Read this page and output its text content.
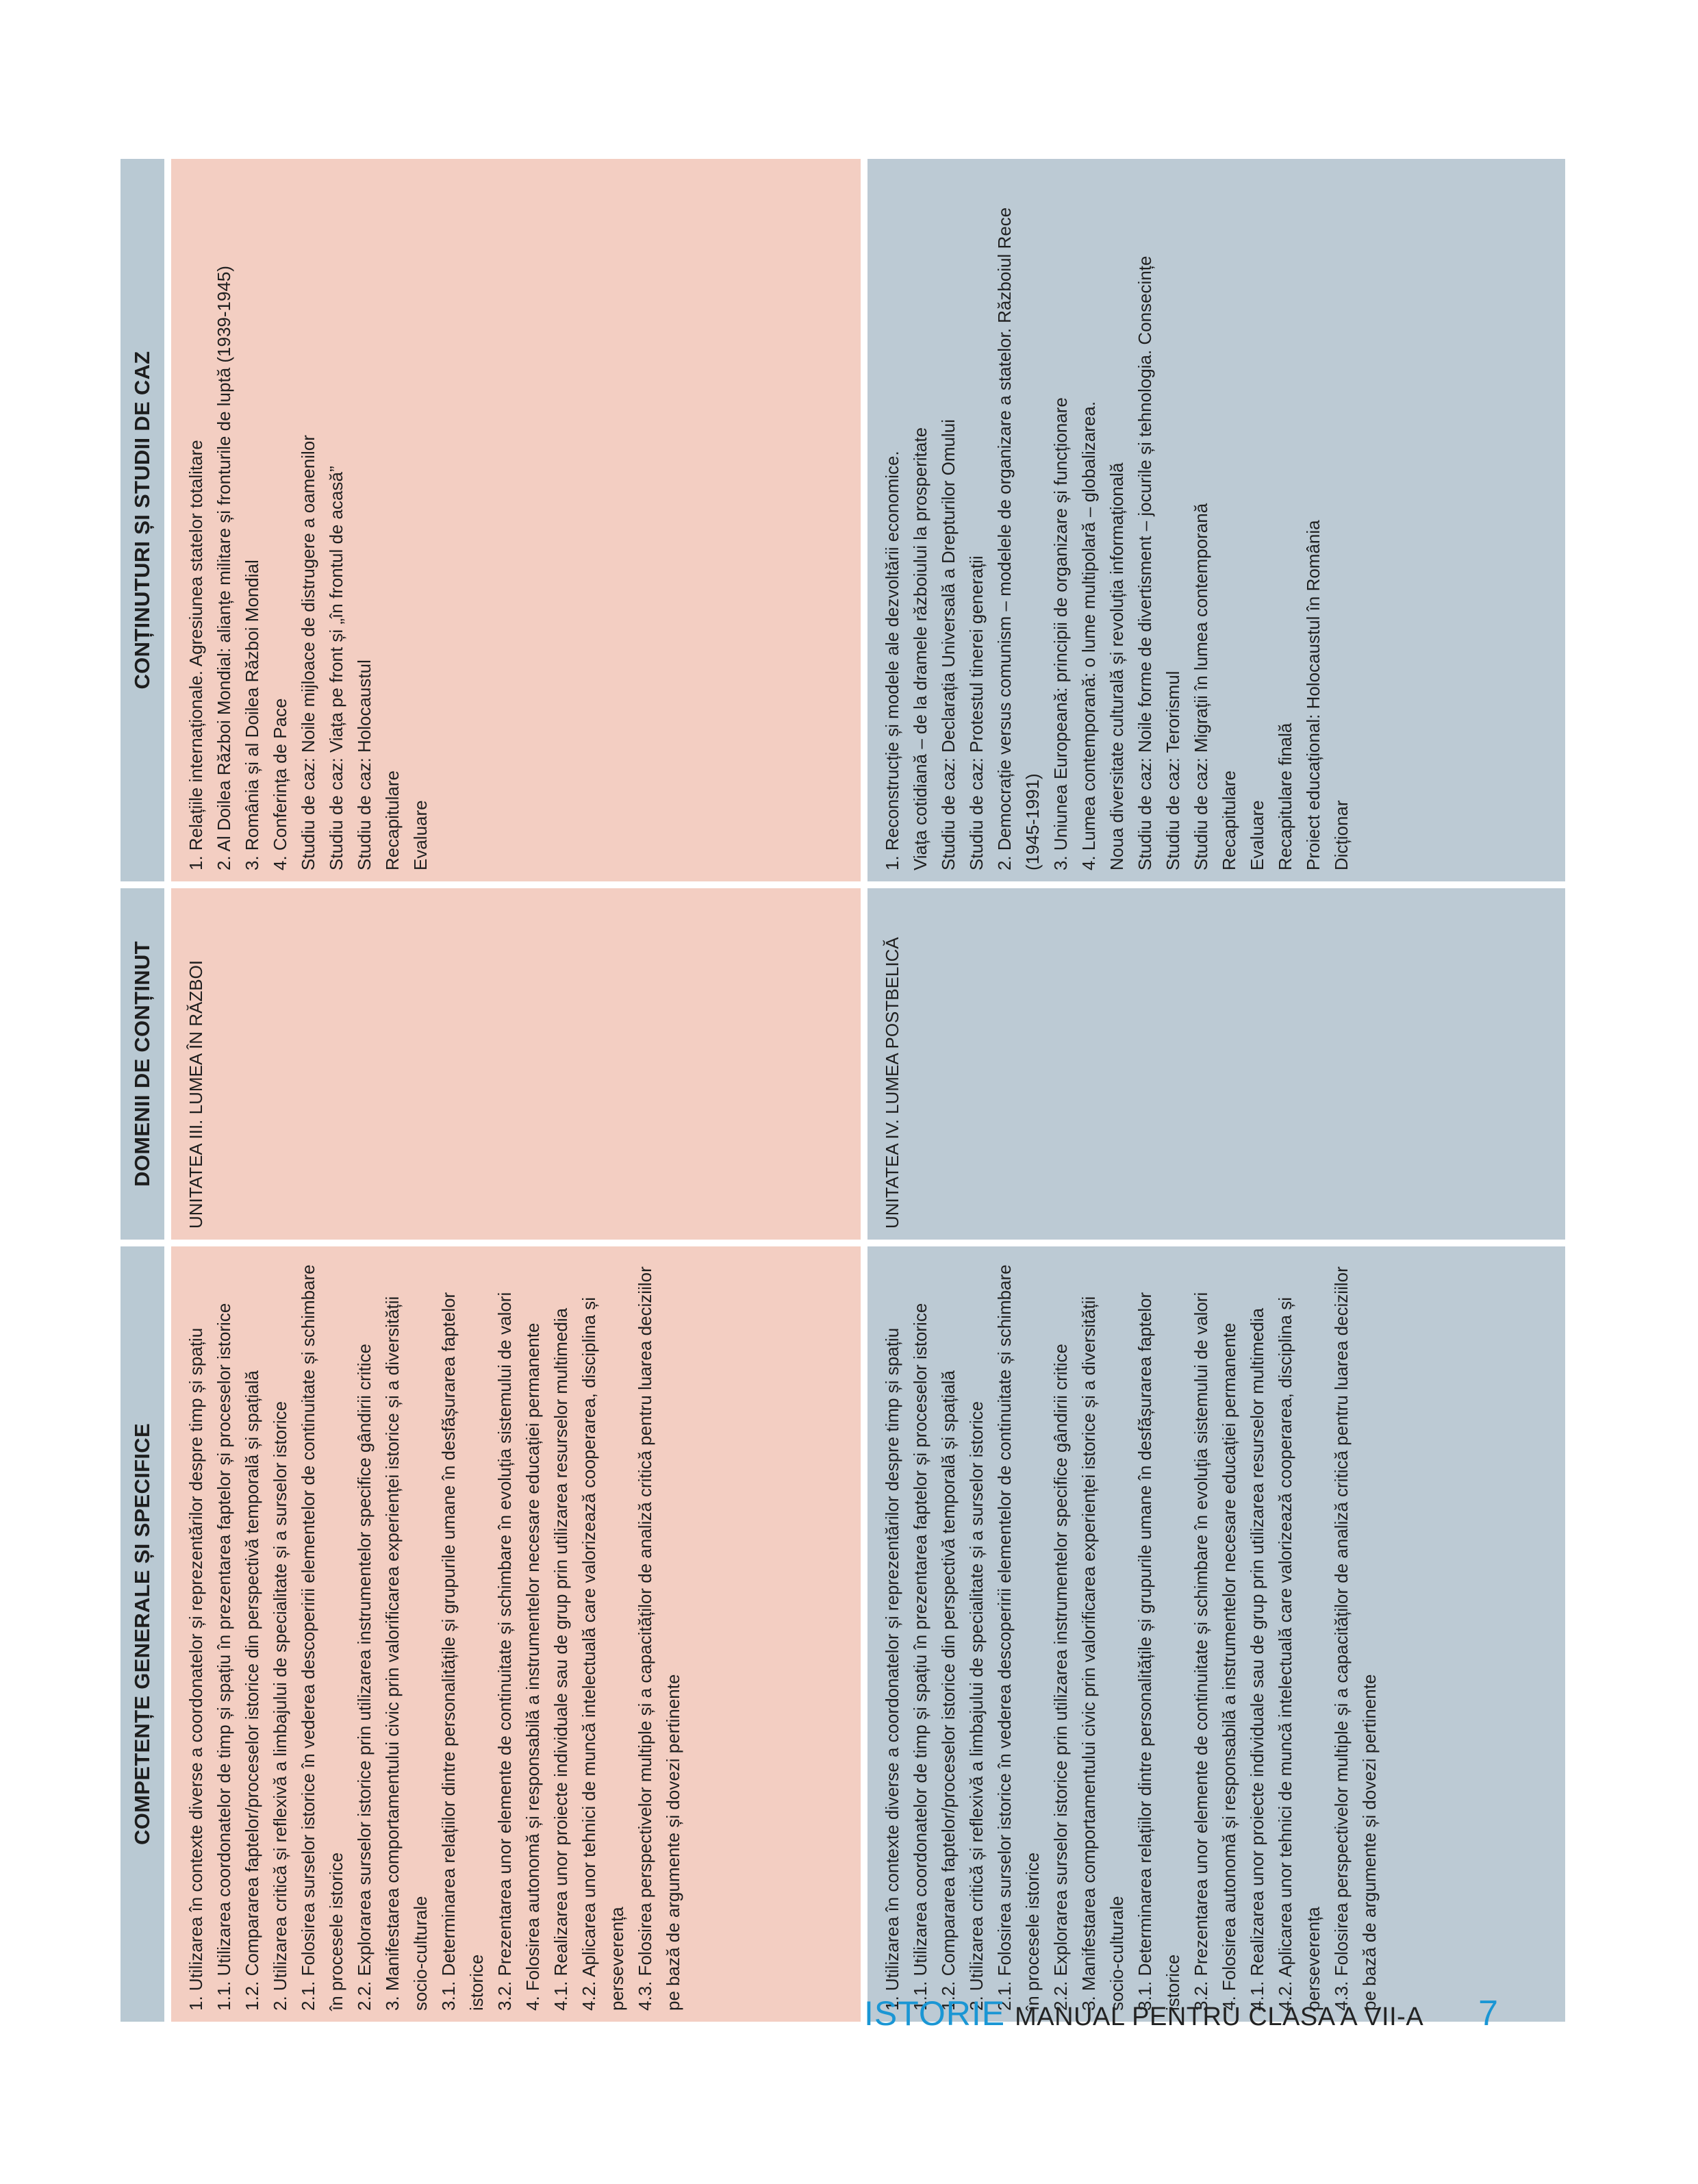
COMPETENȚE GENERALE ȘI SPECIFICE
DOMENII DE CONȚINUT
CONȚINUTURI ȘI STUDII DE CAZ
1. Utilizarea în contexte diverse a coordonatelor și reprezentărilor despre timp și spațiu 1.1. Utilizarea coordonatelor de timp și spațiu în prezentarea faptelor și proceselor istorice 1.2. Compararea faptelor/proceselor istorice din perspectivă temporală și spațială 2. Utilizarea critică și reflexivă a limbajului de specialitate și a surselor istorice 2.1. Folosirea surselor istorice în vederea descoperirii elementelor de continuitate și schimbare în procesele istorice 2.2. Explorarea surselor istorice prin utilizarea instrumentelor specifice gândirii critice 3. Manifestarea comportamentului civic prin valorificarea experienței istorice și a diversității socio-culturale 3.1. Determinarea relațiilor dintre personalitățile și grupurile umane în desfășurarea faptelor istorice 3.2. Prezentarea unor elemente de continuitate și schimbare în evoluția sistemului de valori 4. Folosirea autonomă și responsabilă a instrumentelor necesare educației permanente 4.1. Realizarea unor proiecte individuale sau de grup prin utilizarea resurselor multimedia 4.2. Aplicarea unor tehnici de muncă intelectuală care valorizează cooperarea, disciplina și perseverența 4.3. Folosirea perspectivelor multiple și a capacităților de analiză critică pentru luarea deciziilor pe bază de argumente și dovezi pertinente
UNITATEA III. LUMEA ÎN RĂZBOI
1. Relațiile internaționale. Agresiunea statelor totalitare 2. Al Doilea Război Mondial: alianțe militare și fronturile de luptă (1939-1945) 3. România și al Doilea Război Mondial 4. Conferința de Pace Studiu de caz: Noile mijloace de distrugere a oamenilor Studiu de caz: Viața pe front și „în frontul de acasă” Studiu de caz: Holocaustul Recapitulare Evaluare
1. Utilizarea în contexte diverse a coordonatelor și reprezentărilor despre timp și spațiu 1.1. Utilizarea coordonatelor de timp și spațiu în prezentarea faptelor și proceselor istorice 1.2. Compararea faptelor/proceselor istorice din perspectivă temporală și spațială 2. Utilizarea critică și reflexivă a limbajului de specialitate și a surselor istorice 2.1. Folosirea surselor istorice în vederea descoperirii elementelor de continuitate și schimbare în procesele istorice 2.2. Explorarea surselor istorice prin utilizarea instrumentelor specifice gândirii critice 3. Manifestarea comportamentului civic prin valorificarea experienței istorice și a diversității socio-culturale 3.1. Determinarea relațiilor dintre personalitățile și grupurile umane în desfășurarea faptelor istorice 3.2. Prezentarea unor elemente de continuitate și schimbare în evoluția sistemului de valori 4. Folosirea autonomă și responsabilă a instrumentelor necesare educației permanente 4.1. Realizarea unor proiecte individuale sau de grup prin utilizarea resurselor multimedia 4.2. Aplicarea unor tehnici de muncă intelectuală care valorizează cooperarea, disciplina și perseverența 4.3. Folosirea perspectivelor multiple și a capacităților de analiză critică pentru luarea deciziilor pe bază de argumente și dovezi pertinente
UNITATEA IV. LUMEA POSTBELICĂ
1. Reconstrucție și modele ale dezvoltării economice. Viața cotidiană – de la dramele războiului la prosperitate Studiu de caz: Declarația Universală a Drepturilor Omului Studiu de caz: Protestul tinerei generații 2. Democrație versus comunism – modelele de organizare a statelor. Războiul Rece (1945-1991) 3. Uniunea Europeană: principii de organizare și funcționare 4. Lumea contemporană: o lume multipolară – globalizarea. Noua diversitate culturală și revoluția informațională Studiu de caz: Noile forme de divertisment – jocurile și tehnologia. Consecințe Studiu de caz: Terorismul Studiu de caz: Migrații în lumea contemporană Recapitulare Evaluare Recapitulare finală Proiect educațional: Holocaustul în România Dicționar
ISTORIE MANUAL PENTRU CLASA A VII-A 7
